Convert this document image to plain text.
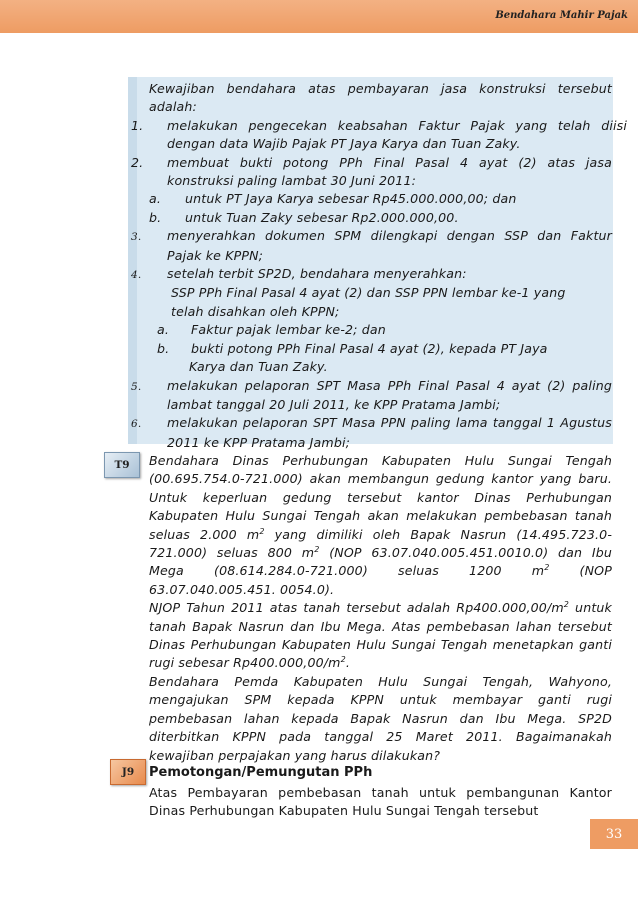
Bendahara Mahir Pajak

Kewajiban bendahara atas pembayaran jasa konstruksi tersebut adalah:

1. melakukan pengecekan keabsahan Faktur Pajak yang telah diisi dengan data Wajib Pajak PT Jaya Karya dan Tuan Zaky.

2. membuat bukti potong PPh Final Pasal 4 ayat (2) atas jasa konstruksi paling lambat 30 Juni 2011:

a. untuk PT Jaya Karya sebesar Rp45.000.000,00; dan

b. untuk Tuan Zaky sebesar Rp2.000.000,00.

3. menyerahkan dokumen SPM dilengkapi dengan SSP dan Faktur Pajak ke KPPN;

4. setelah terbit SP2D, bendahara menyerahkan:

SSP PPh Final Pasal 4 ayat (2) dan SSP PPN lembar ke-1 yang telah disahkan oleh KPPN;

a. Faktur pajak lembar ke-2; dan

b. bukti potong PPh Final Pasal 4 ayat (2), kepada PT Jaya Karya dan Tuan Zaky.

5. melakukan pelaporan SPT Masa PPh Final Pasal 4 ayat (2) paling lambat tanggal 20 Juli 2011, ke KPP Pratama Jambi;

6. melakukan pelaporan SPT Masa PPN paling lama tanggal 1 Agustus 2011 ke KPP Pratama Jambi;

T9	Bendahara Dinas Perhubungan Kabupaten Hulu Sungai Tengah (00.695.754.0-721.000) akan membangun gedung kantor yang baru. Untuk keperluan gedung tersebut kantor Dinas Perhubungan Kabupaten Hulu Sungai Tengah akan melakukan pembebasan tanah seluas 2.000 $m^2$ yang dimiliki oleh Bapak Nasrun (14.495.723.0-721.000) seluas 800 $m^2$ (NOP 63.07.040.005.451.0010.0) dan Ibu Mega (08.614.284.0-721.000) seluas 1200 $m^2$ (NOP 63.07.040.005.451. 0054.0).

NJOP Tahun 2011 atas tanah tersebut adalah $Rp400.000,00/m^2$ untuk tanah Bapak Nasrun dan Ibu Mega. Atas pembebasan lahan tersebut Dinas Perhubungan Kabupaten Hulu Sungai Tengah menetapkan ganti rugi sebesar $Rp400.000,00/m^2$.

Bendahara Pemda Kabupaten Hulu Sungai Tengah, Wahyono, mengajukan SPM kepada KPPN untuk membayar ganti rugi pembebasan lahan kepada Bapak Nasrun dan Ibu Mega. SP2D diterbitkan KPPN pada tanggal 25 Maret 2011. Bagaimanakah kewajiban perpajakan yang harus dilakukan?

J9	Pemotongan/Pemungutan PPh

Atas Pembayaran pembebasan tanah untuk pembangunan Kantor Dinas Perhubungan Kabupaten Hulu Sungai Tengah tersebut

33
